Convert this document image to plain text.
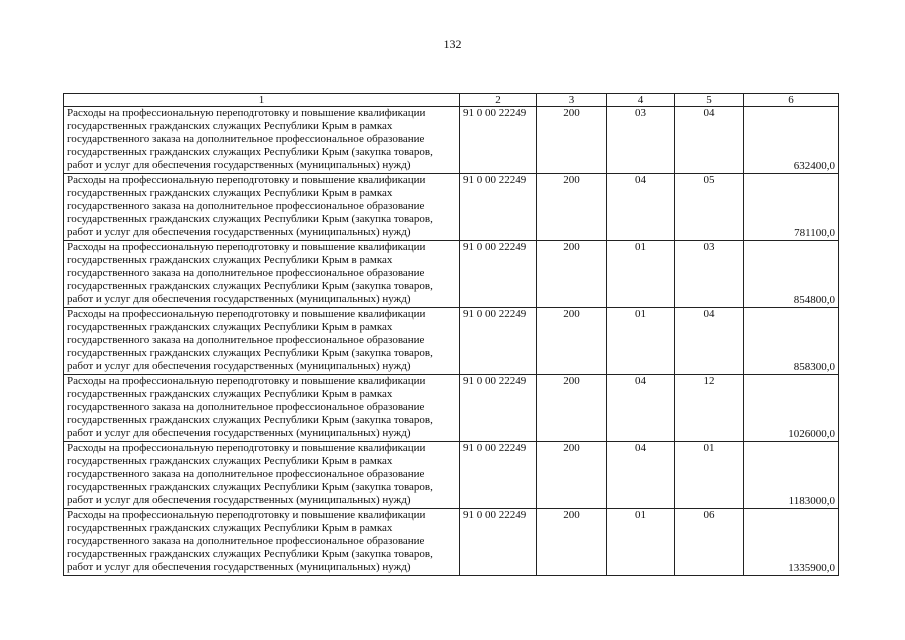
132
1	2	3	4	5	6
Расходы на профессиональную переподготовку и повышение квалификации государственных гражданских служащих Республики Крым в рамках государственного заказа на дополнительное профессиональное образование государственных гражданских служащих Республики Крым (закупка товаров, работ и услуг для обеспечения государственных (муниципальных) нужд)	91 0 00 22249	200	03	04	632400,0
Расходы на профессиональную переподготовку и повышение квалификации государственных гражданских служащих Республики Крым в рамках государственного заказа на дополнительное профессиональное образование государственных гражданских служащих Республики Крым (закупка товаров, работ и услуг для обеспечения государственных (муниципальных) нужд)	91 0 00 22249	200	04	05	781100,0
Расходы на профессиональную переподготовку и повышение квалификации государственных гражданских служащих Республики Крым в рамках государственного заказа на дополнительное профессиональное образование государственных гражданских служащих Республики Крым (закупка товаров, работ и услуг для обеспечения государственных (муниципальных) нужд)	91 0 00 22249	200	01	03	854800,0
Расходы на профессиональную переподготовку и повышение квалификации государственных гражданских служащих Республики Крым в рамках государственного заказа на дополнительное профессиональное образование государственных гражданских служащих Республики Крым (закупка товаров, работ и услуг для обеспечения государственных (муниципальных) нужд)	91 0 00 22249	200	01	04	858300,0
Расходы на профессиональную переподготовку и повышение квалификации государственных гражданских служащих Республики Крым в рамках государственного заказа на дополнительное профессиональное образование государственных гражданских служащих Республики Крым (закупка товаров, работ и услуг для обеспечения государственных (муниципальных) нужд)	91 0 00 22249	200	04	12	1026000,0
Расходы на профессиональную переподготовку и повышение квалификации государственных гражданских служащих Республики Крым в рамках государственного заказа на дополнительное профессиональное образование государственных гражданских служащих Республики Крым (закупка товаров, работ и услуг для обеспечения государственных (муниципальных) нужд)	91 0 00 22249	200	04	01	1183000,0
Расходы на профессиональную переподготовку и повышение квалификации государственных гражданских служащих Республики Крым в рамках государственного заказа на дополнительное профессиональное образование государственных гражданских служащих Республики Крым (закупка товаров, работ и услуг для обеспечения государственных (муниципальных) нужд)	91 0 00 22249	200	01	06	1335900,0
